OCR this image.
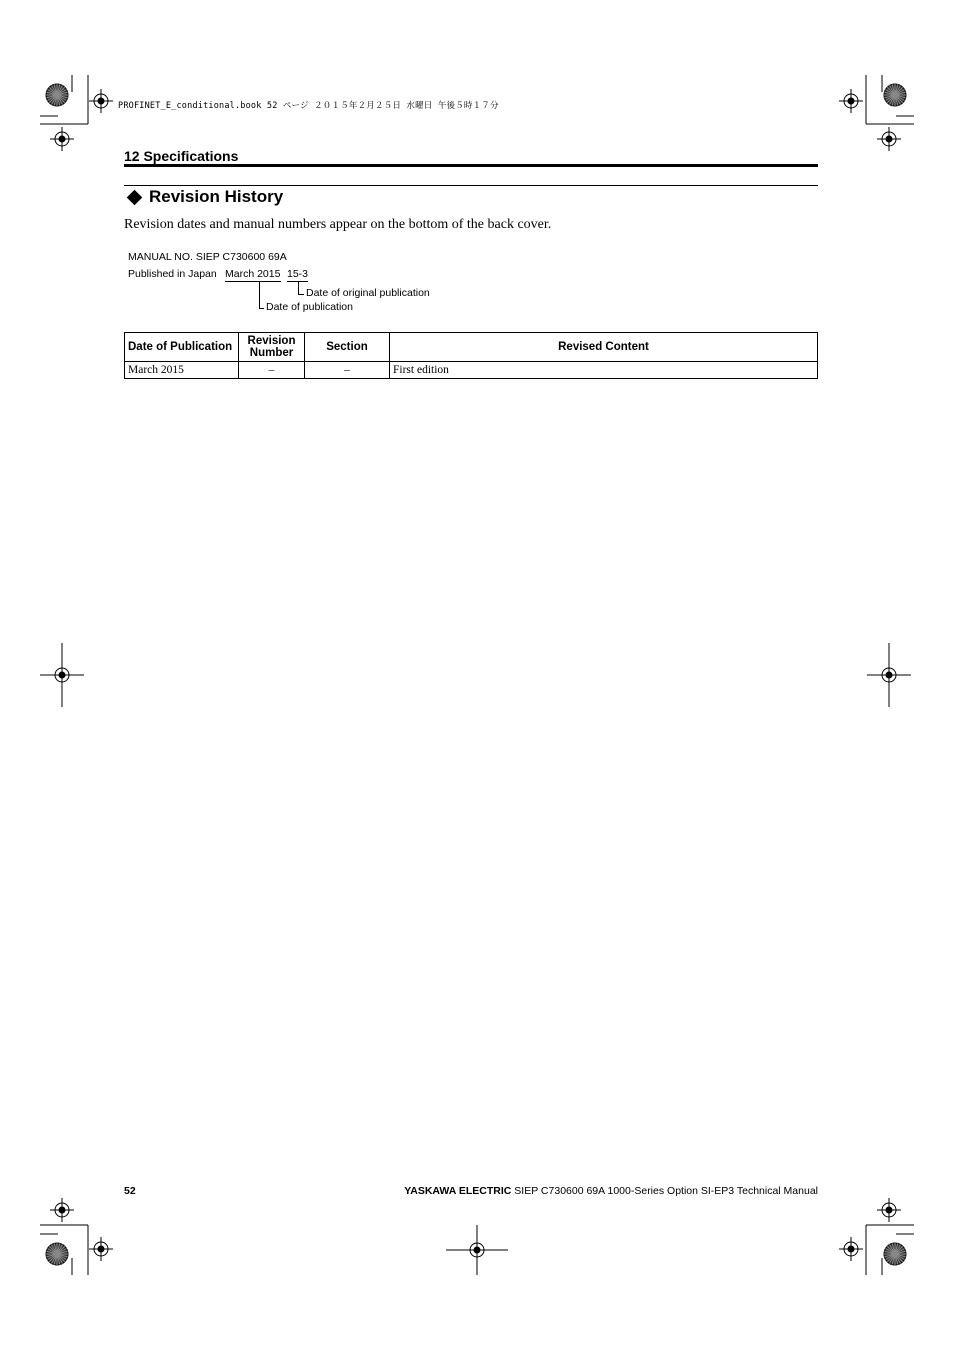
PROFINET_E_conditional.book 52 ページ ２０１５年２月２５日 水曜日 午後５時１７分
12 Specifications
Revision History
Revision dates and manual numbers appear on the bottom of the back cover.
MANUAL NO. SIEP C730600 69A
Published in Japan March 2015 15-3
Date of original publication
Date of publication
Date of Publication	Revision Number	Section	Revised Content
March 2015	–	–	First edition
52	YASKAWA ELECTRIC SIEP C730600 69A 1000-Series Option SI-EP3 Technical Manual
